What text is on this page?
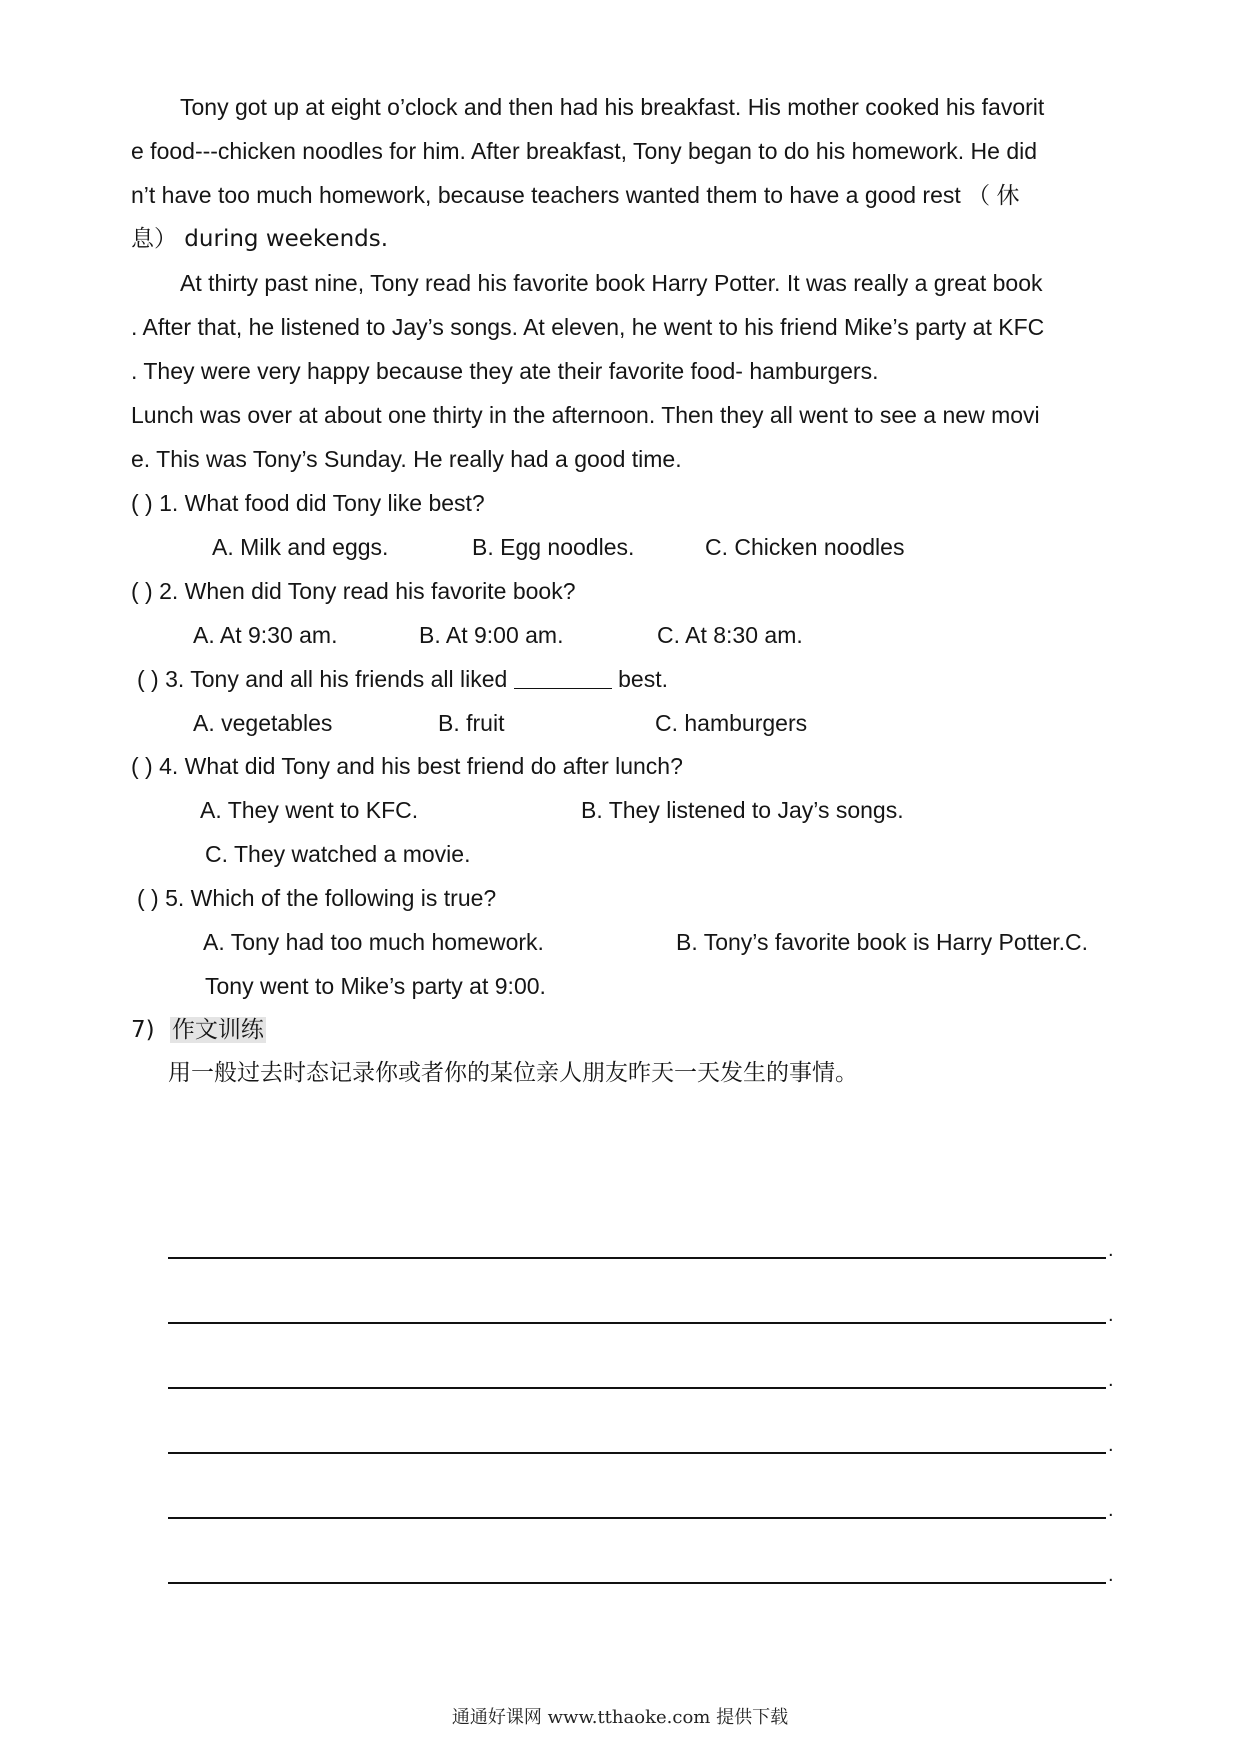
Tony got up at eight o’clock and then had his breakfast. His mother cooked his favorit
e food---chicken noodles for him. After breakfast, Tony began to do his homework. He did
n’t have too much homework, because teachers wanted them to have a good rest （ 休
息） during weekends.
At thirty past nine, Tony read his favorite book Harry Potter. It was really a great book
. After that, he listened to Jay’s songs. At eleven, he went to his friend Mike’s party at KFC
. They were very happy because they ate their favorite food- hamburgers.
Lunch was over at about one thirty in the afternoon. Then they all went to see a new movi
e. This was Tony’s Sunday. He really had a good time.
( ) 1. What food did Tony like best?
A. Milk and eggs.	B. Egg noodles.	C. Chicken noodles
( ) 2. When did Tony read his favorite book?
A. At 9:30 am.	B. At 9:00 am.	C. At 8:30 am.
( ) 3. Tony and all his friends all liked	best.
A. vegetables	B. fruit	C. hamburgers
( ) 4. What did Tony and his best friend do after lunch?
A. They went to KFC.	B. They listened to Jay’s songs.
C. They watched a movie.
( ) 5. Which of the following is true?
A. Tony had too much homework.	B. Tony’s favorite book is Harry Potter.C.
Tony went to Mike’s party at 9:00.
7) 作文训练
用一般过去时态记录你或者你的某位亲人朋友昨天一天发生的事情。
.
.
.
.
.
.
通通好课网 www.tthaoke.com 提供下载
